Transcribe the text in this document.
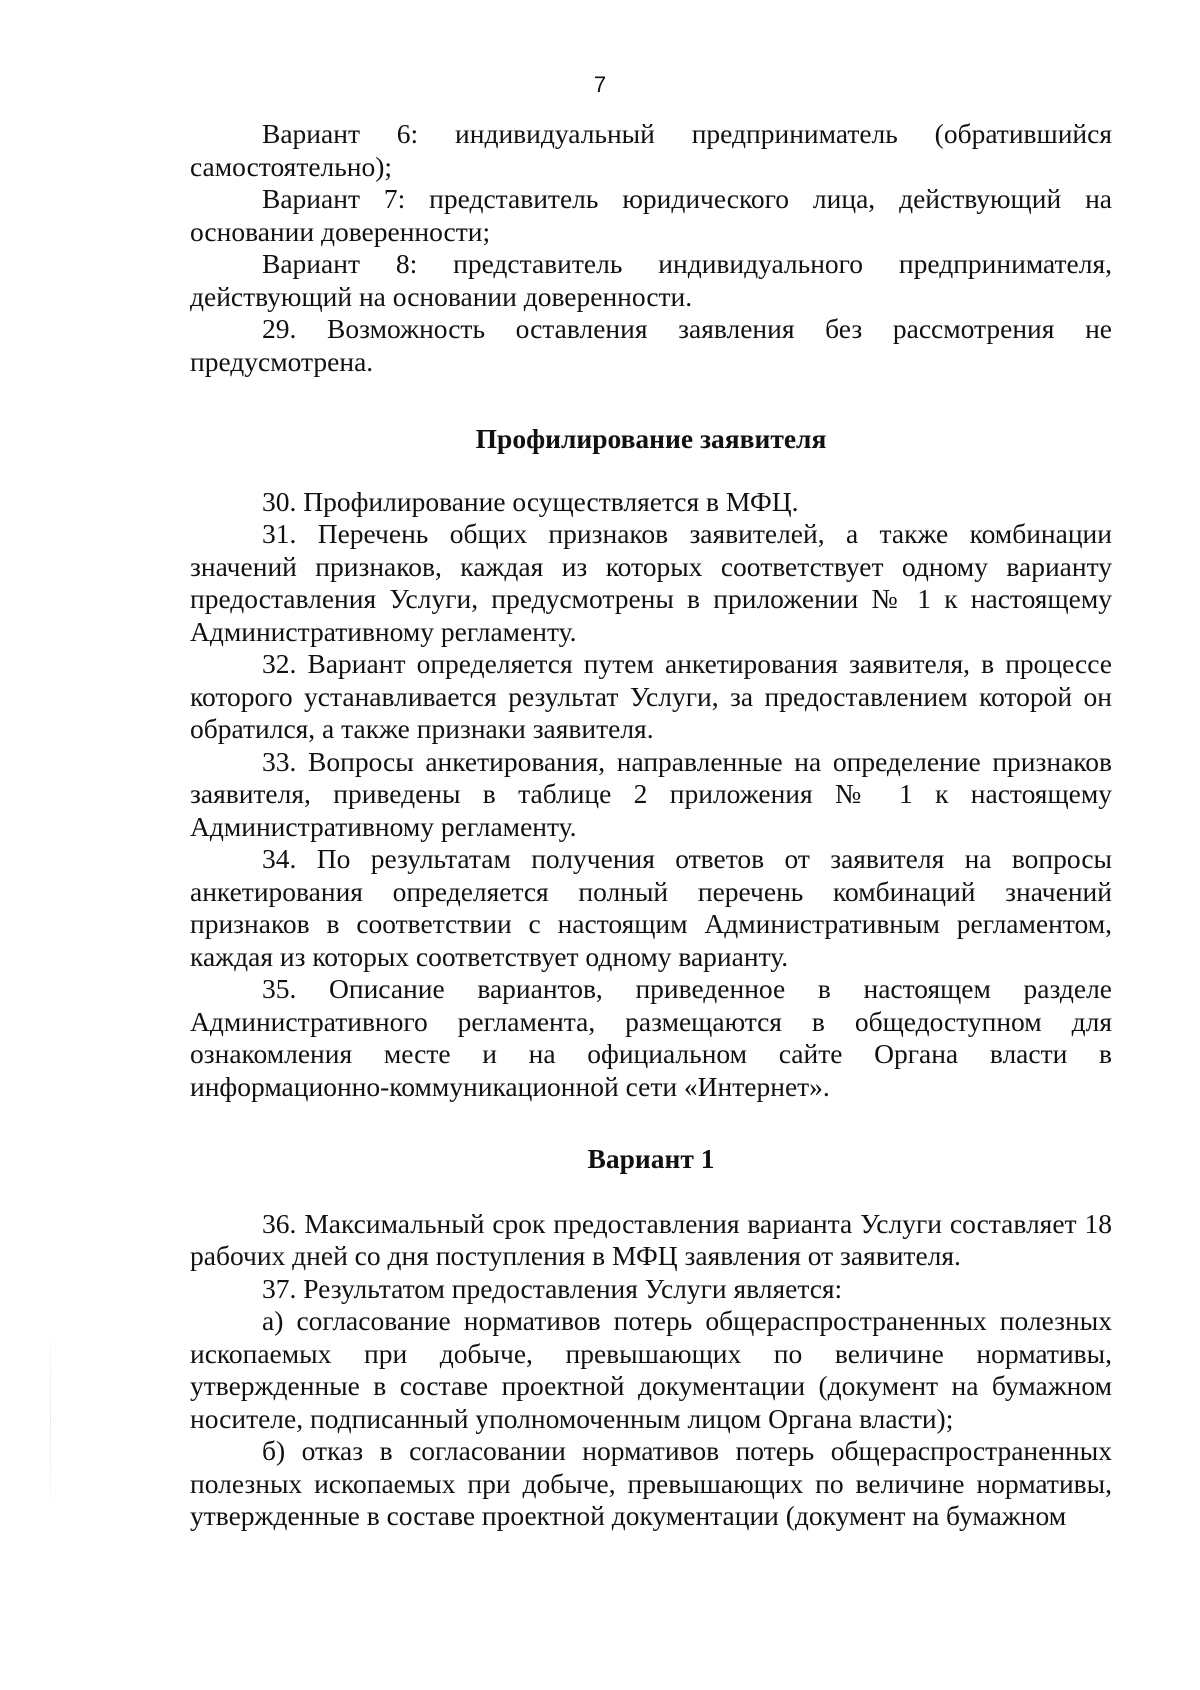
7

Вариант 6: индивидуальный предприниматель (обратившийся самостоятельно);

Вариант 7: представитель юридического лица, действующий на основании доверенности;

Вариант 8: представитель индивидуального предпринимателя, действующий на основании доверенности.

29. Возможность оставления заявления без рассмотрения не предусмотрена.

Профилирование заявителя

30. Профилирование осуществляется в МФЦ.

31. Перечень общих признаков заявителей, а также комбинации значений признаков, каждая из которых соответствует одному варианту предоставления Услуги, предусмотрены в приложении № 1 к настоящему Административному регламенту.

32. Вариант определяется путем анкетирования заявителя, в процессе которого устанавливается результат Услуги, за предоставлением которой он обратился, а также признаки заявителя.

33. Вопросы анкетирования, направленные на определение признаков заявителя, приведены в таблице 2 приложения № 1 к настоящему Административному регламенту.

34. По результатам получения ответов от заявителя на вопросы анкетирования определяется полный перечень комбинаций значений признаков в соответствии с настоящим Административным регламентом, каждая из которых соответствует одному варианту.

35. Описание вариантов, приведенное в настоящем разделе Административного регламента, размещаются в общедоступном для ознакомления месте и на официальном сайте Органа власти в информационно-коммуникационной сети «Интернет».

Вариант 1

36. Максимальный срок предоставления варианта Услуги составляет 18 рабочих дней со дня поступления в МФЦ заявления от заявителя.

37. Результатом предоставления Услуги является:

а) согласование нормативов потерь общераспространенных полезных ископаемых при добыче, превышающих по величине нормативы, утвержденные в составе проектной документации (документ на бумажном носителе, подписанный уполномоченным лицом Органа власти);

б) отказ в согласовании нормативов потерь общераспространенных полезных ископаемых при добыче, превышающих по величине нормативы, утвержденные в составе проектной документации (документ на бумажном
